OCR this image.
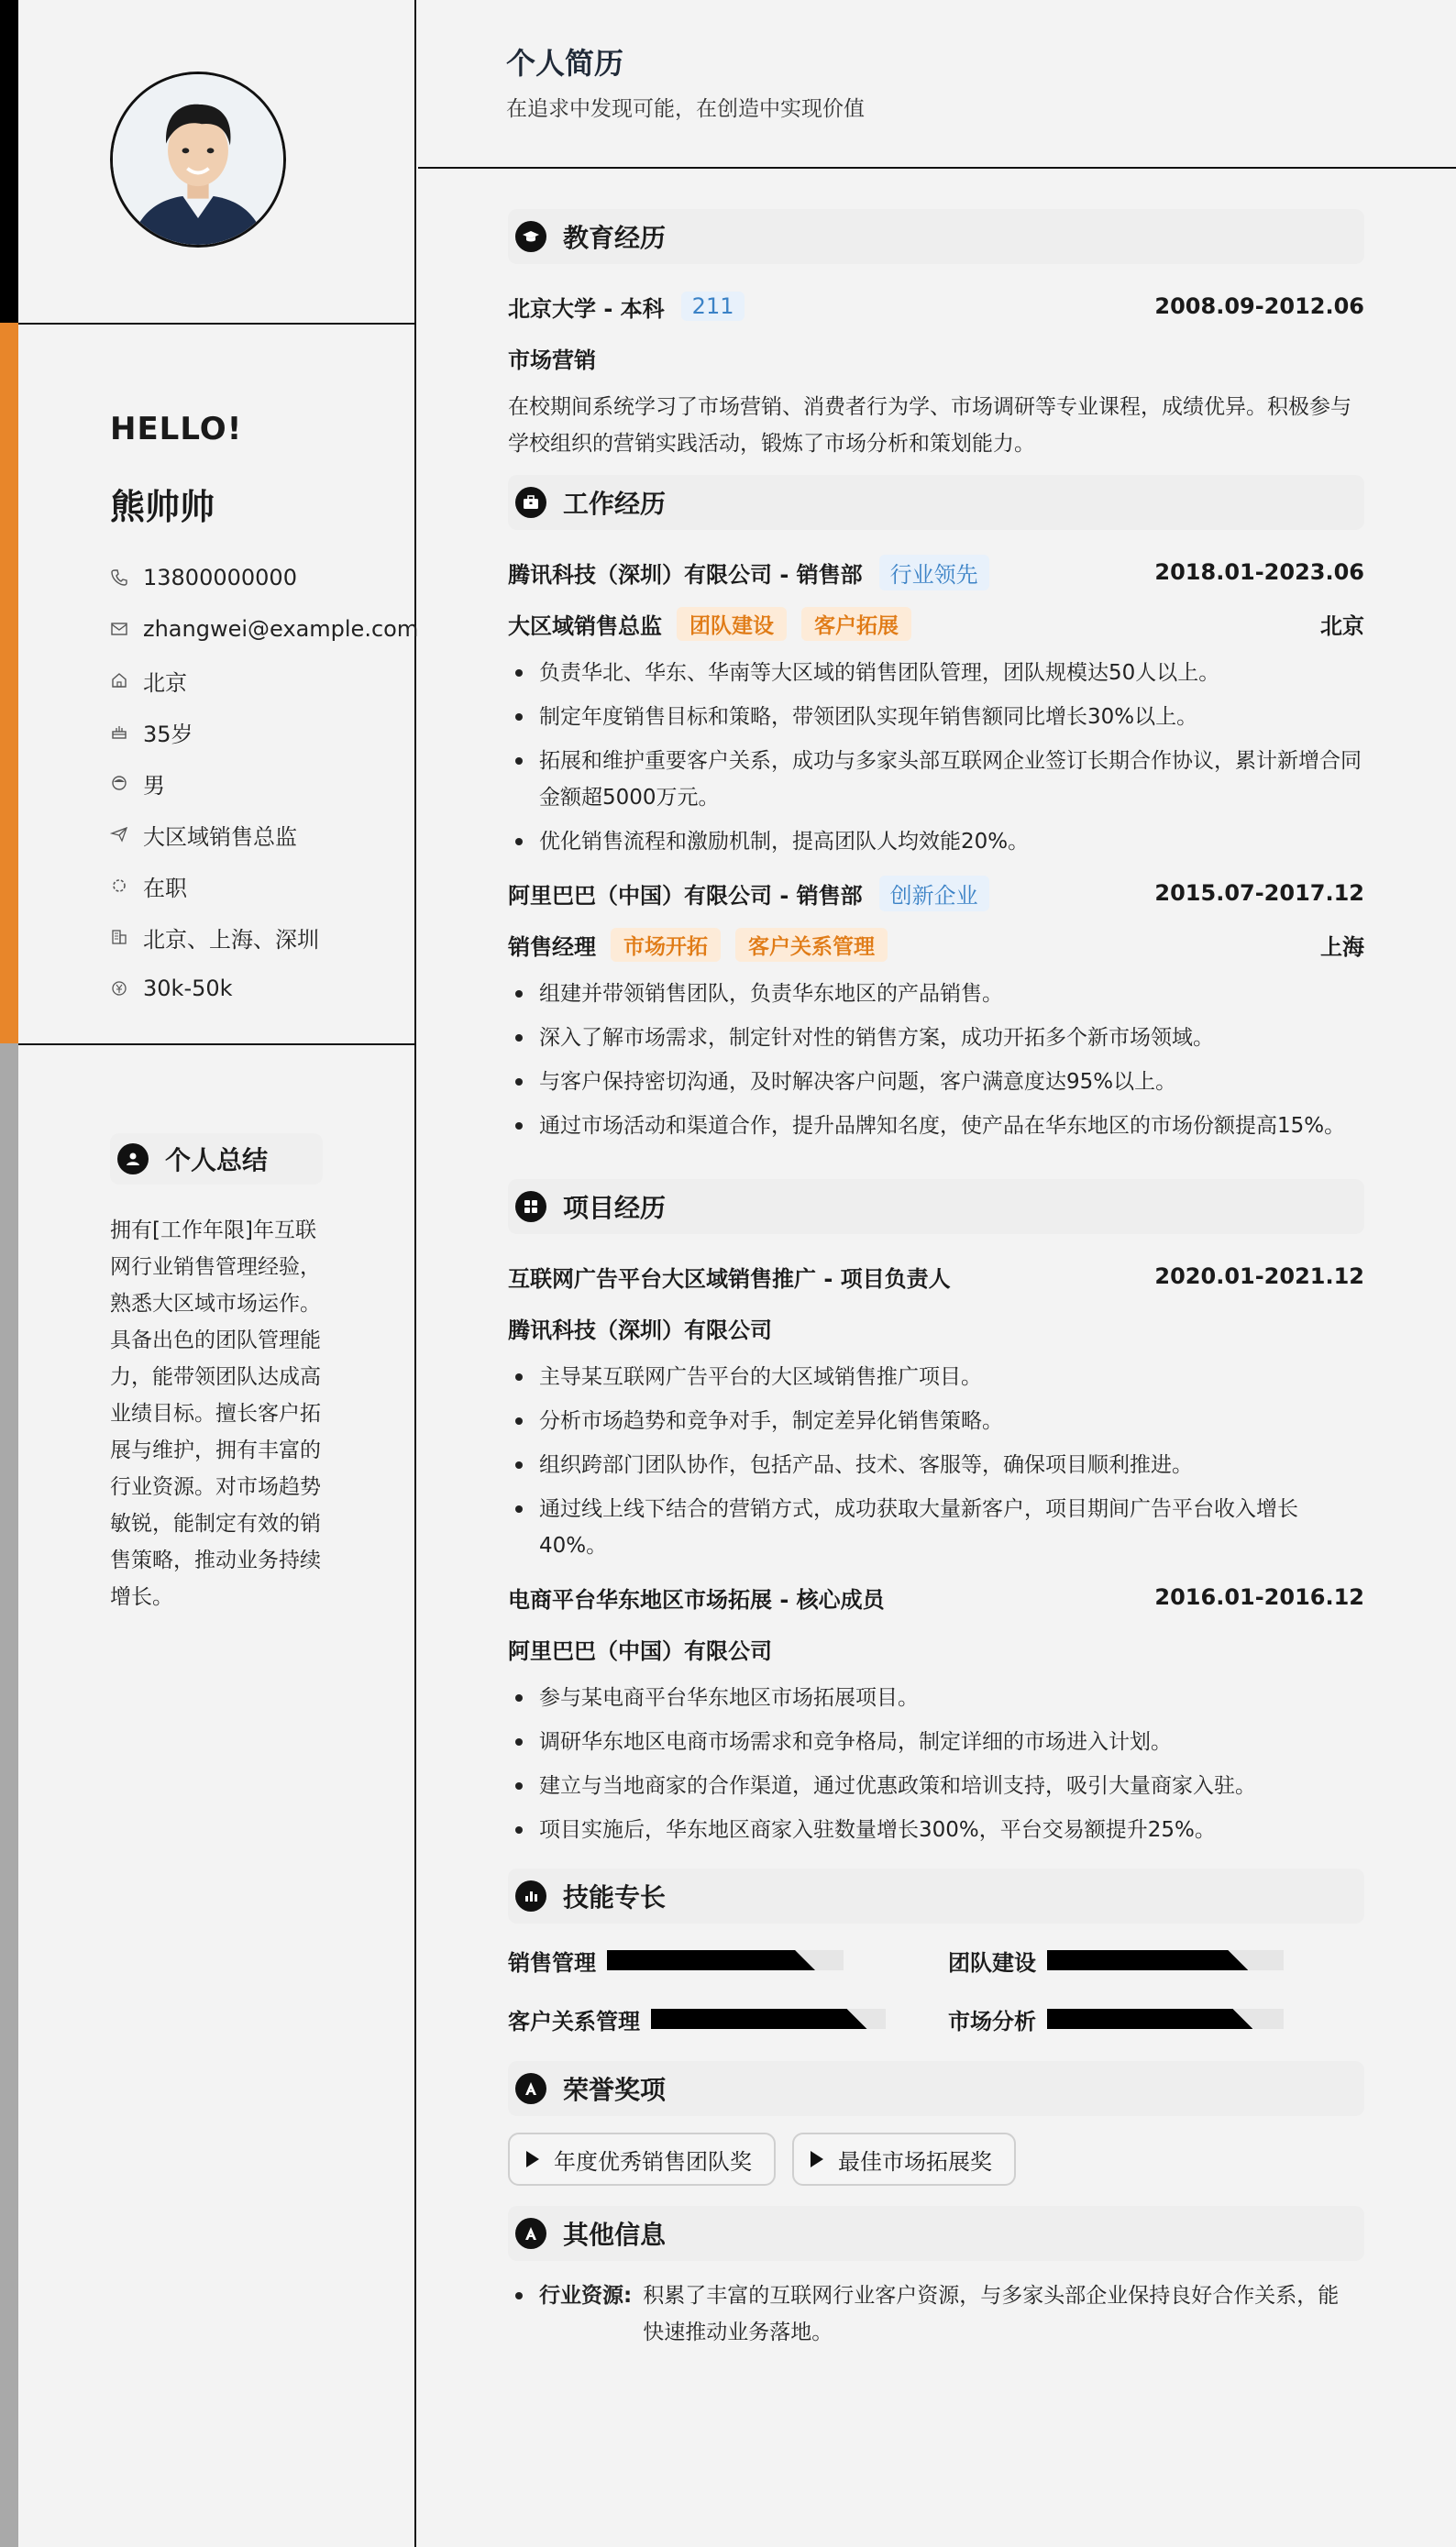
HELLO!
熊帅帅
13800000000
zhangwei@example.com
北京
35岁
男
大区域销售总监
在职
北京、上海、深圳
30k-50k
个人总结
拥有[工作年限]年互联网行业销售管理经验，熟悉大区域市场运作。具备出色的团队管理能力，能带领团队达成高业绩目标。擅长客户拓展与维护，拥有丰富的行业资源。对市场趋势敏锐，能制定有效的销售策略，推动业务持续增长。
个人简历
在追求中发现可能，在创造中实现价值
教育经历
北京大学 - 本科	211	2008.09-2012.06
市场营销
在校期间系统学习了市场营销、消费者行为学、市场调研等专业课程，成绩优异。积极参与学校组织的营销实践活动，锻炼了市场分析和策划能力。
工作经历
腾讯科技（深圳）有限公司 - 销售部	行业领先	2018.01-2023.06
大区域销售总监	团队建设	客户拓展	北京
负责华北、华东、华南等大区域的销售团队管理，团队规模达50人以上。
制定年度销售目标和策略，带领团队实现年销售额同比增长30%以上。
拓展和维护重要客户关系，成功与多家头部互联网企业签订长期合作协议，累计新增合同金额超5000万元。
优化销售流程和激励机制，提高团队人均效能20%。
阿里巴巴（中国）有限公司 - 销售部	创新企业	2015.07-2017.12
销售经理	市场开拓	客户关系管理	上海
组建并带领销售团队，负责华东地区的产品销售。
深入了解市场需求，制定针对性的销售方案，成功开拓多个新市场领域。
与客户保持密切沟通，及时解决客户问题，客户满意度达95%以上。
通过市场活动和渠道合作，提升品牌知名度，使产品在华东地区的市场份额提高15%。
项目经历
互联网广告平台大区域销售推广 - 项目负责人	2020.01-2021.12
腾讯科技（深圳）有限公司
主导某互联网广告平台的大区域销售推广项目。
分析市场趋势和竞争对手，制定差异化销售策略。
组织跨部门团队协作，包括产品、技术、客服等，确保项目顺利推进。
通过线上线下结合的营销方式，成功获取大量新客户，项目期间广告平台收入增长40%。
电商平台华东地区市场拓展 - 核心成员	2016.01-2016.12
阿里巴巴（中国）有限公司
参与某电商平台华东地区市场拓展项目。
调研华东地区电商市场需求和竞争格局，制定详细的市场进入计划。
建立与当地商家的合作渠道，通过优惠政策和培训支持，吸引大量商家入驻。
项目实施后，华东地区商家入驻数量增长300%，平台交易额提升25%。
技能专长
销售管理	团队建设
客户关系管理	市场分析
荣誉奖项
年度优秀销售团队奖	最佳市场拓展奖
其他信息
行业资源: 积累了丰富的互联网行业客户资源，与多家头部企业保持良好合作关系，能快速推动业务落地。
